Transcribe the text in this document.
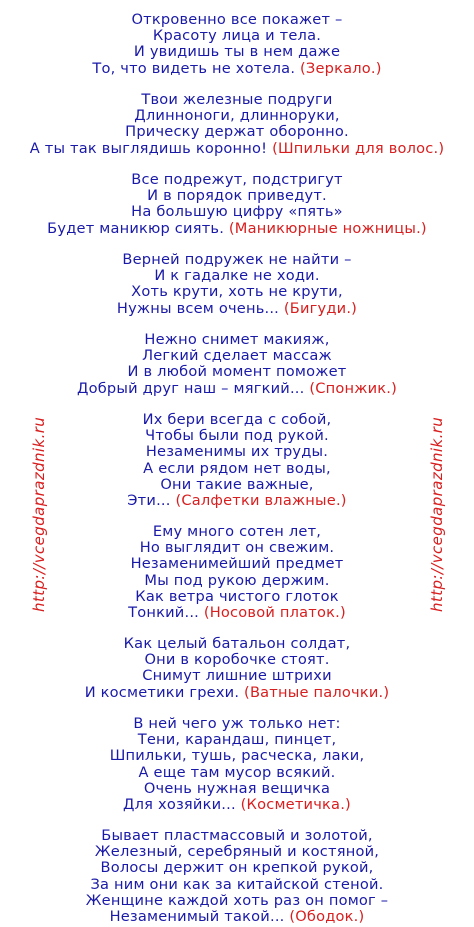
Откровенно все покажет –
Красоту лица и тела.
И увидишь ты в нем даже
То, что видеть не хотела. (Зеркало.)
Твои железные подруги
Длинноноги, длинноруки,
Прическу держат оборонно.
А ты так выглядишь коронно! (Шпильки для волос.)
Все подрежут, подстригут
И в порядок приведут.
На большую цифру «пять»
Будет маникюр сиять. (Маникюрные ножницы.)
Верней подружек не найти –
И к гадалке не ходи.
Хоть крути, хоть не крути,
Нужны всем очень... (Бигуди.)
Нежно снимет макияж,
Легкий сделает массаж
И в любой момент поможет
Добрый друг наш – мягкий... (Спонжик.)
Их бери всегда с собой,
Чтобы были под рукой.
Незаменимы их труды.
А если рядом нет воды,
Они такие важные,
Эти... (Салфетки влажные.)
Ему много сотен лет,
Но выглядит он свежим.
Незаменимейший предмет
Мы под рукою держим.
Как ветра чистого глоток
Тонкий... (Носовой платок.)
Как целый батальон солдат,
Они в коробочке стоят.
Снимут лишние штрихи
И косметики грехи. (Ватные палочки.)
В ней чего уж только нет:
Тени, карандаш, пинцет,
Шпильки, тушь, расческа, лаки,
А еще там мусор всякий.
Очень нужная вещичка
Для хозяйки... (Косметичка.)
Бывает пластмассовый и золотой,
Железный, серебряный и костяной,
Волосы держит он крепкой рукой,
За ним они как за китайской стеной.
Женщине каждой хоть раз он помог –
Незаменимый такой... (Ободок.)
http://vcegdaprazdnik.ru	http://vcegdaprazdnik.ru
